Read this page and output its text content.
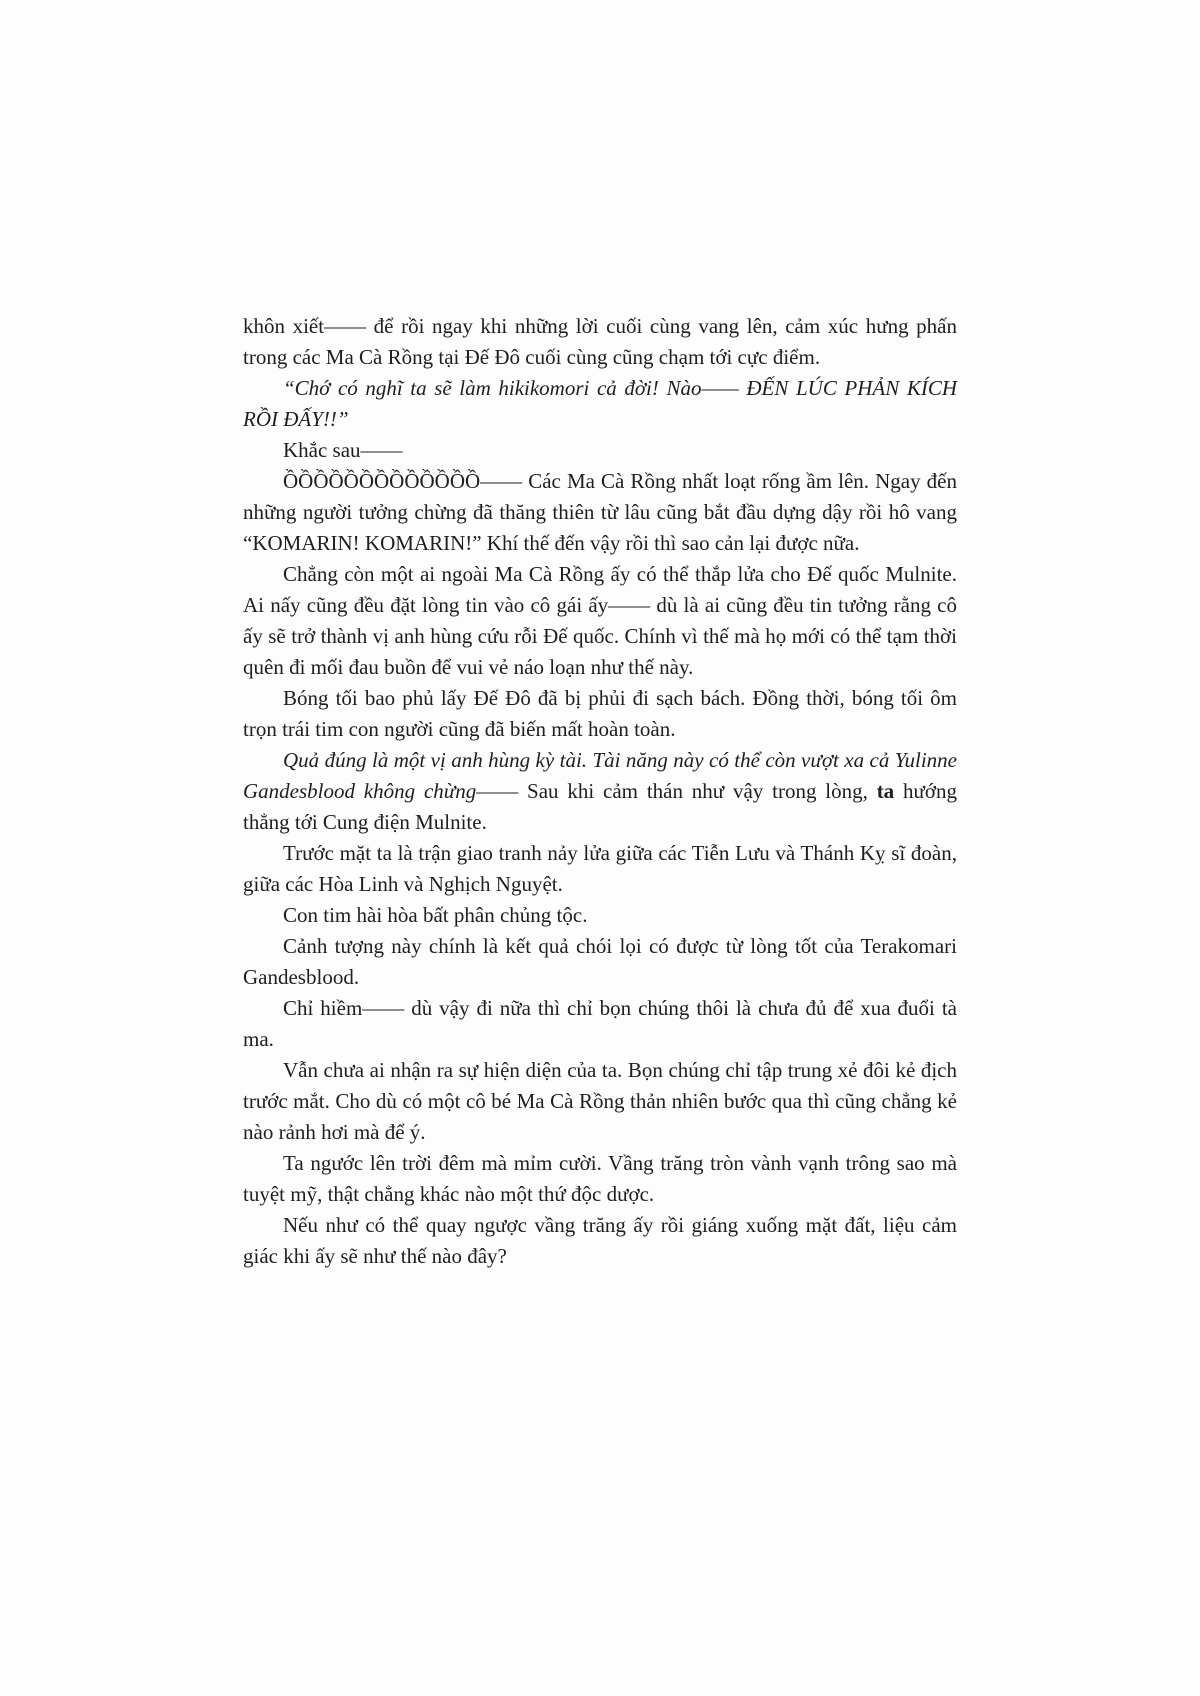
khôn xiết—— để rồi ngay khi những lời cuối cùng vang lên, cảm xúc hưng phấn trong các Ma Cà Rồng tại Đế Đô cuối cùng cũng chạm tới cực điểm.

“Chớ có nghĩ ta sẽ làm hikikomori cả đời! Nào—— ĐẾN LÚC PHẢN KÍCH RỒI ĐẤY!!”

Khắc sau——

ỒỒỒỒỒỒỒỒỒỒỒỒỒ—— Các Ma Cà Rồng nhất loạt rống ầm lên. Ngay đến những người tưởng chừng đã thăng thiên từ lâu cũng bắt đầu dựng dậy rồi hô vang “KOMARIN! KOMARIN!” Khí thế đến vậy rồi thì sao cản lại được nữa.

Chẳng còn một ai ngoài Ma Cà Rồng ấy có thể thắp lửa cho Đế quốc Mulnite. Ai nấy cũng đều đặt lòng tin vào cô gái ấy—— dù là ai cũng đều tin tưởng rằng cô ấy sẽ trở thành vị anh hùng cứu rỗi Đế quốc. Chính vì thế mà họ mới có thể tạm thời quên đi mối đau buồn để vui vẻ náo loạn như thế này.

Bóng tối bao phủ lấy Đế Đô đã bị phủi đi sạch bách. Đồng thời, bóng tối ôm trọn trái tim con người cũng đã biến mất hoàn toàn.

Quả đúng là một vị anh hùng kỳ tài. Tài năng này có thể còn vượt xa cả Yulinne Gandesblood không chừng—— Sau khi cảm thán như vậy trong lòng, ta hướng thẳng tới Cung điện Mulnite.

Trước mặt ta là trận giao tranh nảy lửa giữa các Tiễn Lưu và Thánh Kỵ sĩ đoàn, giữa các Hòa Linh và Nghịch Nguyệt.

Con tim hài hòa bất phân chủng tộc.

Cảnh tượng này chính là kết quả chói lọi có được từ lòng tốt của Terakomari Gandesblood.

Chỉ hiềm—— dù vậy đi nữa thì chỉ bọn chúng thôi là chưa đủ để xua đuổi tà ma.

Vẫn chưa ai nhận ra sự hiện diện của ta. Bọn chúng chỉ tập trung xẻ đôi kẻ địch trước mắt. Cho dù có một cô bé Ma Cà Rồng thản nhiên bước qua thì cũng chẳng kẻ nào rảnh hơi mà để ý.

Ta ngước lên trời đêm mà mỉm cười. Vầng trăng tròn vành vạnh trông sao mà tuyệt mỹ, thật chẳng khác nào một thứ độc dược.

Nếu như có thể quay ngược vầng trăng ấy rồi giáng xuống mặt đất, liệu cảm giác khi ấy sẽ như thế nào đây?
